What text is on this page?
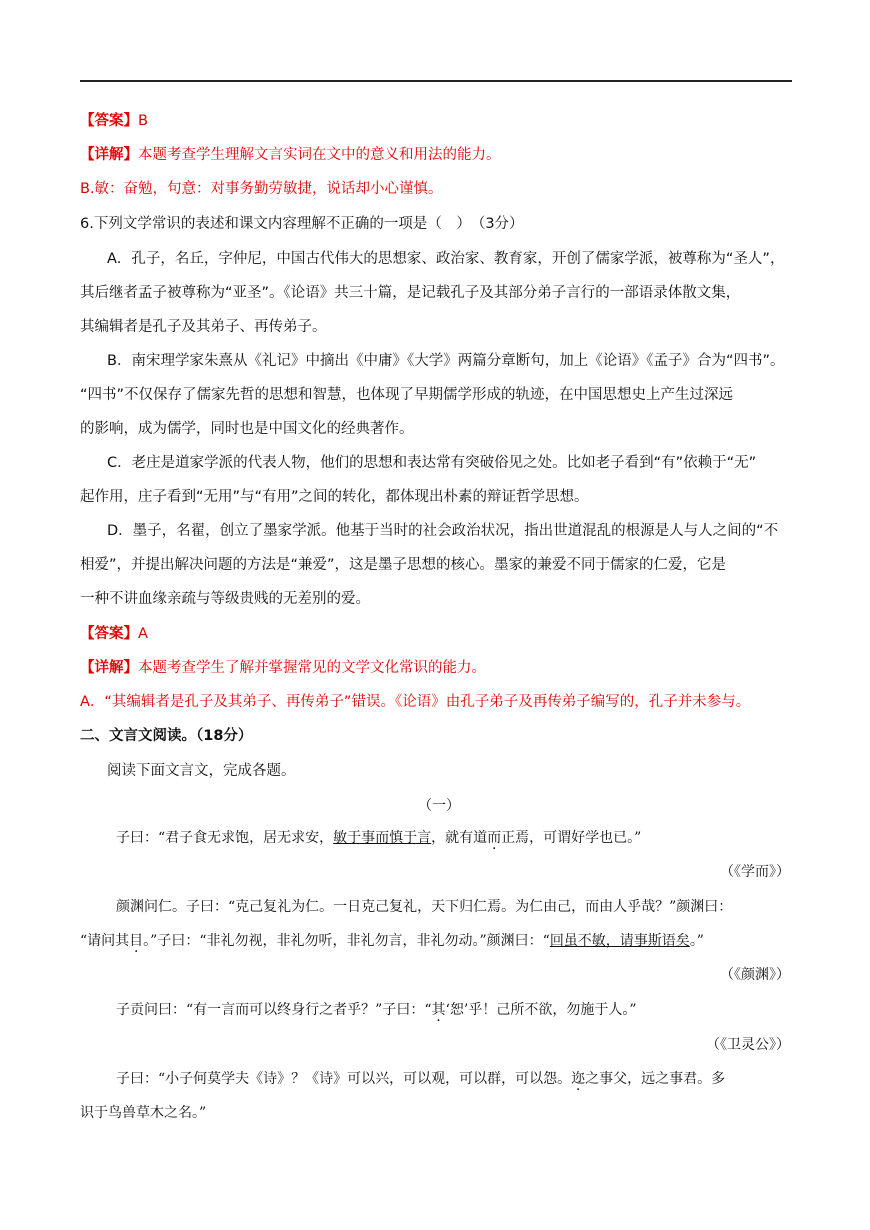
【答案】B
【详解】本题考查学生理解文言实词在文中的意义和用法的能力。
B.敏：奋勉，句意：对事务勤劳敏捷，说话却小心谨慎。
6.下列文学常识的表述和课文内容理解不正确的一项是（　）　（3分）
A．孔子，名丘，字仲尼，中国古代伟大的思想家、政治家、教育家，开创了儒家学派，被尊称为“圣人”，
其后继者孟子被尊称为“亚圣”。《论语》共三十篇，是记载孔子及其部分弟子言行的一部语录体散文集，
其编辑者是孔子及其弟子、再传弟子。
B．南宋理学家朱熹从《礼记》中摘出《中庸》《大学》两篇分章断句，加上《论语》《孟子》合为“四书”。
“四书”不仅保存了儒家先哲的思想和智慧，也体现了早期儒学形成的轨迹，在中国思想史上产生过深远
的影响，成为儒学，同时也是中国文化的经典著作。
C．老庄是道家学派的代表人物，他们的思想和表达常有突破俗见之处。比如老子看到“有”依赖于“无”
起作用，庄子看到“无用”与“有用”之间的转化，都体现出朴素的辩证哲学思想。
D．墨子，名翟，创立了墨家学派。他基于当时的社会政治状况，指出世道混乱的根源是人与人之间的“不
相爱”，并提出解决问题的方法是“兼爱”，这是墨子思想的核心。墨家的兼爱不同于儒家的仁爱，它是
一种不讲血缘亲疏与等级贵贱的无差别的爱。
【答案】A
【详解】本题考查学生了解并掌握常见的文学文化常识的能力。
A．“其编辑者是孔子及其弟子、再传弟子”错误。《论语》由孔子弟子及再传弟子编写的，孔子并未参与。
二、文言文阅读。（18分）
阅读下面文言文，完成各题。
（一）
子曰：“君子食无求饱，居无求安，敏于事而慎于言，就有道而正焉，可谓好学也已。”
（《学而》）
颜渊问仁。子曰：“克己复礼为仁。一日克己复礼，天下归仁焉。为仁由己，而由人乎哉？”颜渊曰：
“请问其目。”子曰：“非礼勿视，非礼勿听，非礼勿言，非礼勿动。”颜渊曰：“回虽不敏，请事斯语矣。”
（《颜渊》）
子贡问曰：“有一言而可以终身行之者乎？”子曰：“其‘恕’乎！己所不欲，勿施于人。”
（《卫灵公》）
子曰：“小子何莫学夫《诗》？《诗》可以兴，可以观，可以群，可以怨。迩之事父，远之事君。多
识于鸟兽草木之名。”
